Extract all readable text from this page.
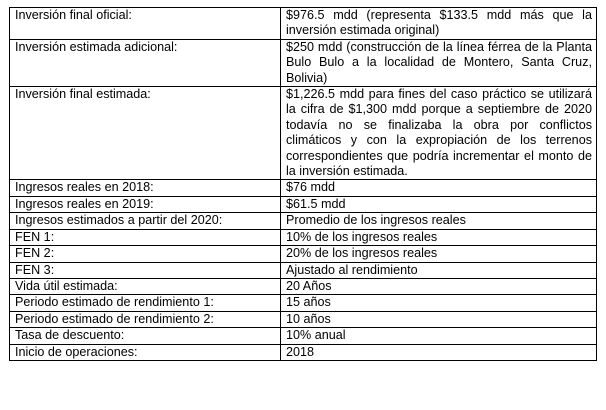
Inversión final oficial:	$976.5 mdd (representa $133.5 mdd más que la inversión estimada original)
Inversión estimada adicional:	$250 mdd (construcción de la línea férrea de la Planta Bulo Bulo a la localidad de Montero, Santa Cruz, Bolivia)
Inversión final estimada:	$1,226.5 mdd para fines del caso práctico se utilizará la cifra de $1,300 mdd porque a septiembre de 2020 todavía no se finalizaba la obra por conflictos climáticos y con la expropiación de los terrenos correspondientes que podría incrementar el monto de la inversión estimada.
Ingresos reales en 2018:	$76 mdd
Ingresos reales en 2019:	$61.5 mdd
Ingresos estimados a partir del 2020:	Promedio de los ingresos reales
FEN 1:	10% de los ingresos reales
FEN 2:	20% de los ingresos reales
FEN 3:	Ajustado al rendimiento
Vida útil estimada:	20 Años
Periodo estimado de rendimiento 1:	15 años
Periodo estimado de rendimiento 2:	10 años
Tasa de descuento:	10% anual
Inicio de operaciones:	2018
